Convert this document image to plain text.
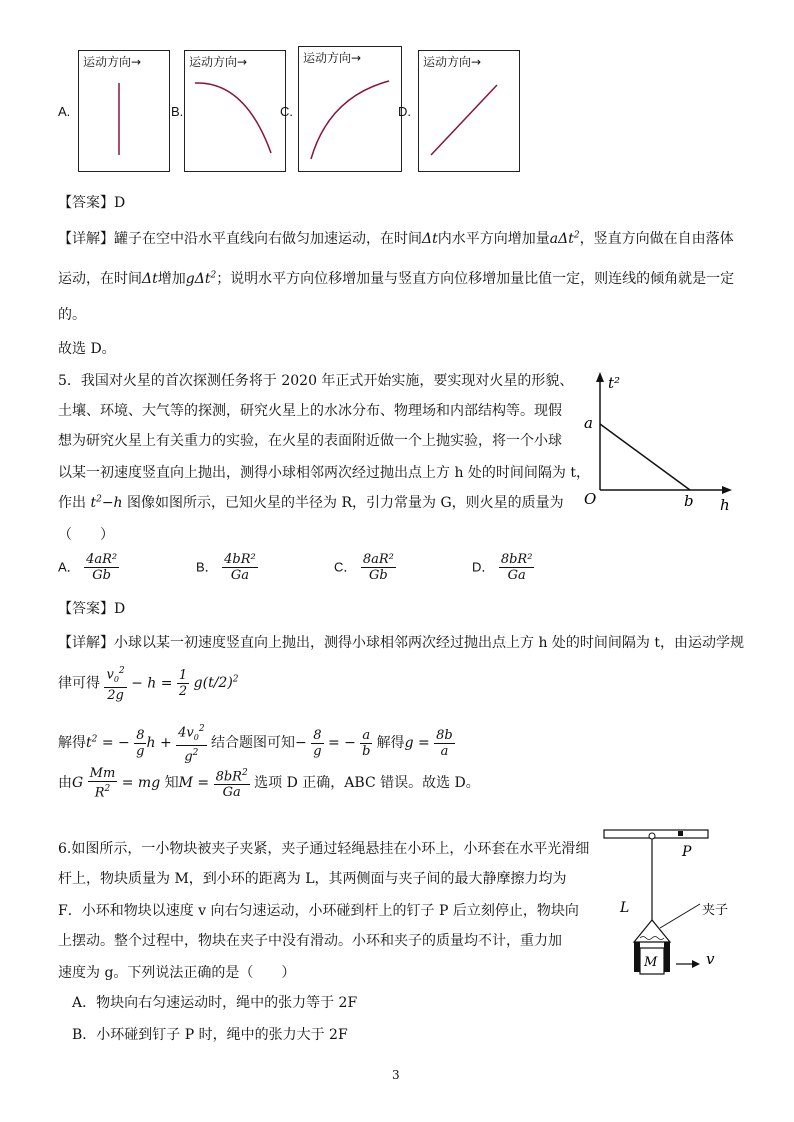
A.
运动方向→
B.
运动方向→
C.
运动方向→
D.
运动方向→
【答案】D
【详解】罐子在空中沿水平直线向右做匀加速运动，在时间Δt内水平方向增加量aΔt$^2$，竖直方向做在自由落体
运动，在时间Δt增加gΔt$^2$；说明水平方向位移增加量与竖直方向位移增加量比值一定，则连线的倾角就是一定
的。
故选 D。
5．我国对火星的首次探测任务将于 2020 年正式开始实施，要实现对火星的形貌、
土壤、环境、大气等的探测，研究火星上的水冰分布、物理场和内部结构等。现假
想为研究火星上有关重力的实验，在火星的表面附近做一个上抛实验，将一个小球
以某一初速度竖直向上抛出，测得小球相邻两次经过抛出点上方 h 处的时间间隔为 t，
作出 $t^2-h$ 图像如图所示，已知火星的半径为 R，引力常量为 G，则火星的质量为
（　　）
t²
a
O	b h
A． $\frac{\text{4aR²}}{Gb}$	B． $\frac{\text{4bR²}}{Ga}$	C． $\frac{\text{8aR²}}{Gb}$	D． $\frac{\text{8bR²}}{Ga}$
【答案】D
【详解】小球以某一初速度竖直向上抛出，测得小球相邻两次经过抛出点上方 h 处的时间间隔为 t，由运动学规
律可得 $\frac{v_0^2}{2g} - h = \frac{1}{2} g(t/2)^2$
解得$t^2$ = − $\frac{8}{g}$ $h + \frac{4v_0^2}{g^2}$ 结合题图可知− $\frac{8}{g}$ = − $\frac{a}{b}$ 解得$g = \frac{8b}{a}$
由G $\frac{Mm}{R^2}$ = mg 知$M = \frac{8bR^2}{Ga}$ 选项 D 正确，ABC 错误。故选 D。
6.如图所示，一小物块被夹子夹紧，夹子通过轻绳悬挂在小环上，小环套在水平光滑细
杆上，物块质量为 M，到小环的距离为 L，其两侧面与夹子间的最大静摩擦力均为
F．小环和物块以速度 v 向右匀速运动，小环碰到杆上的钉子 P 后立刻停止，物块向
上摆动。整个过程中，物块在夹子中没有滑动。小环和夹子的质量均不计，重力加
速度为 g。下列说法正确的是（　　）
A．物块向右匀速运动时，绳中的张力等于 2F
B．小环碰到钉子 P 时，绳中的张力大于 2F
P
L	夹子
M	v
3
